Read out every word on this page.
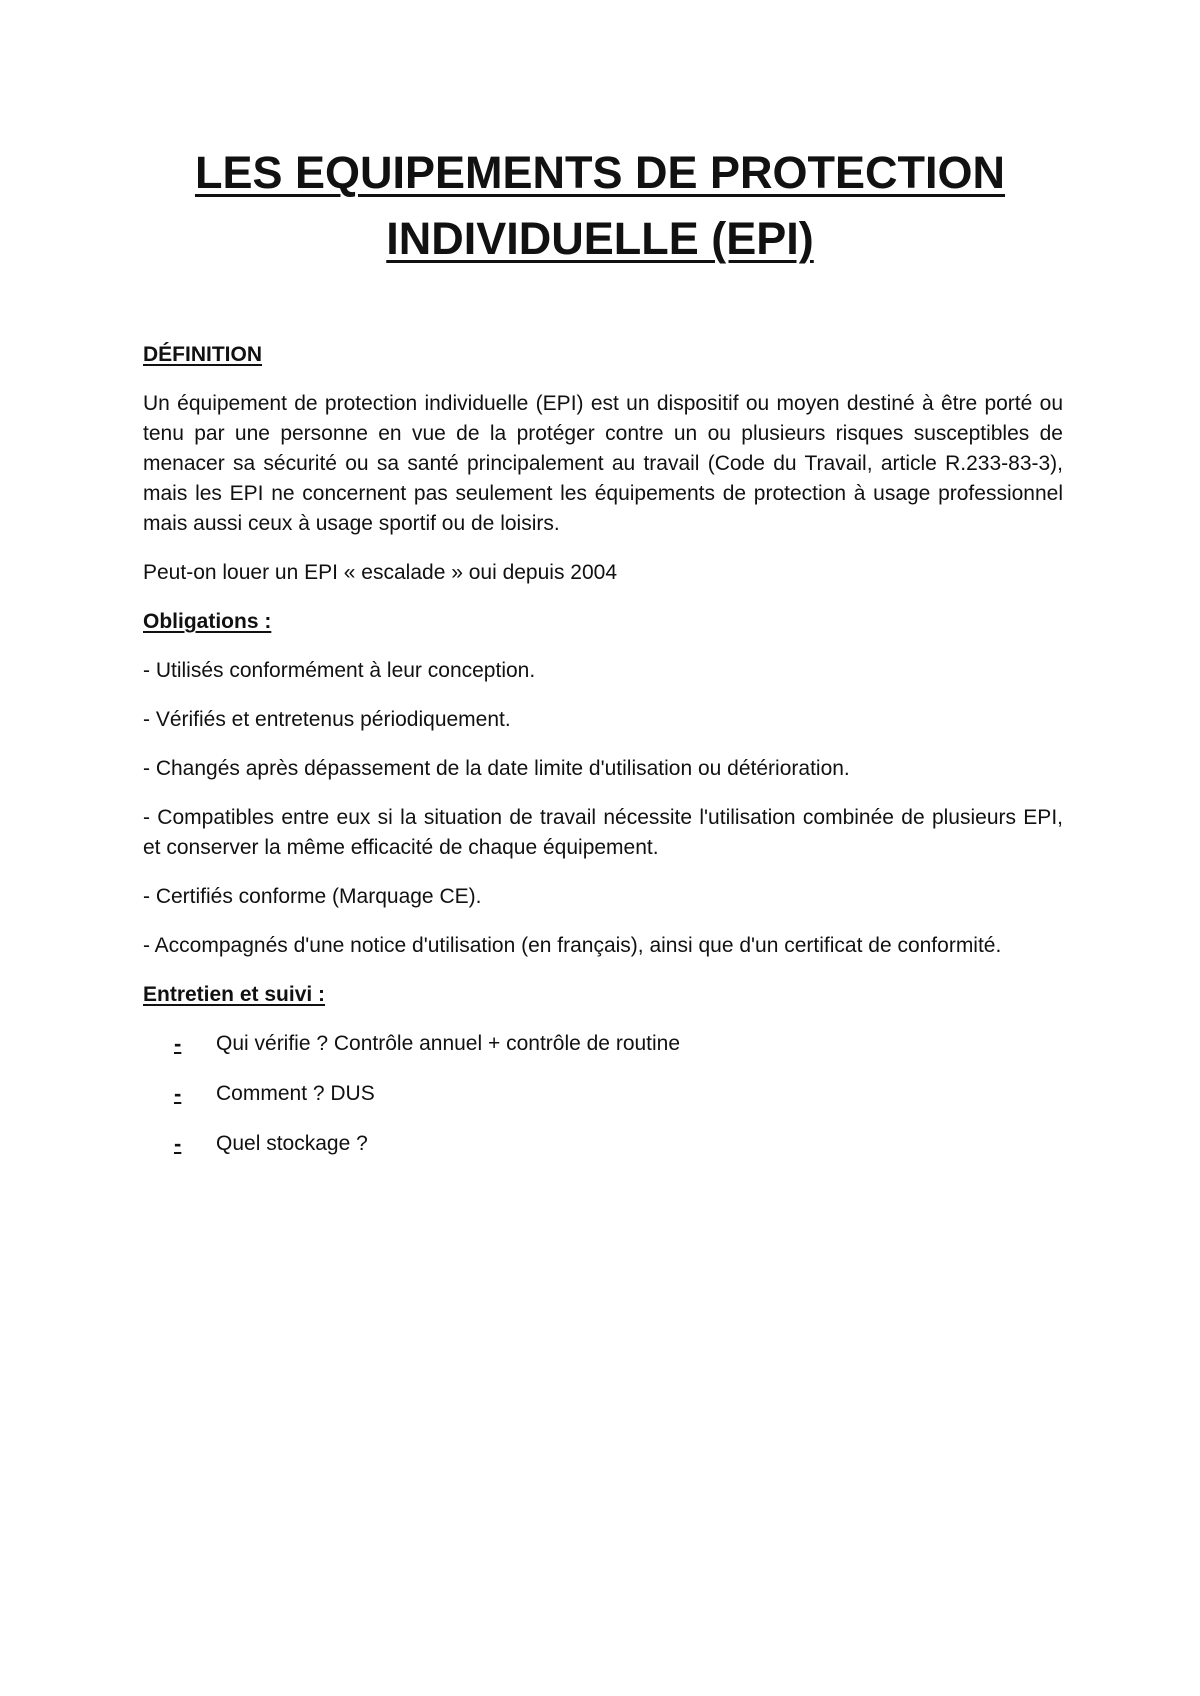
LES EQUIPEMENTS DE PROTECTION
INDIVIDUELLE (EPI)

DÉFINITION

Un équipement de protection individuelle (EPI) est un dispositif ou moyen destiné à être porté ou tenu par une personne en vue de la protéger contre un ou plusieurs risques susceptibles de menacer sa sécurité ou sa santé principalement au travail (Code du Travail, article R.233-83-3), mais les EPI ne concernent pas seulement les équipements de protection à usage professionnel mais aussi ceux à usage sportif ou de loisirs.

Peut-on louer un EPI « escalade » oui depuis 2004

Obligations :

- Utilisés conformément à leur conception.

- Vérifiés et entretenus périodiquement.

- Changés après dépassement de la date limite d'utilisation ou détérioration.

- Compatibles entre eux si la situation de travail nécessite l'utilisation combinée de plusieurs EPI, et conserver la même efficacité de chaque équipement.

- Certifiés conforme (Marquage CE).

- Accompagnés d'une notice d'utilisation (en français), ainsi que d'un certificat de conformité.

Entretien et suivi :

- Qui vérifie ? Contrôle annuel + contrôle de routine
- Comment ? DUS
- Quel stockage ?
